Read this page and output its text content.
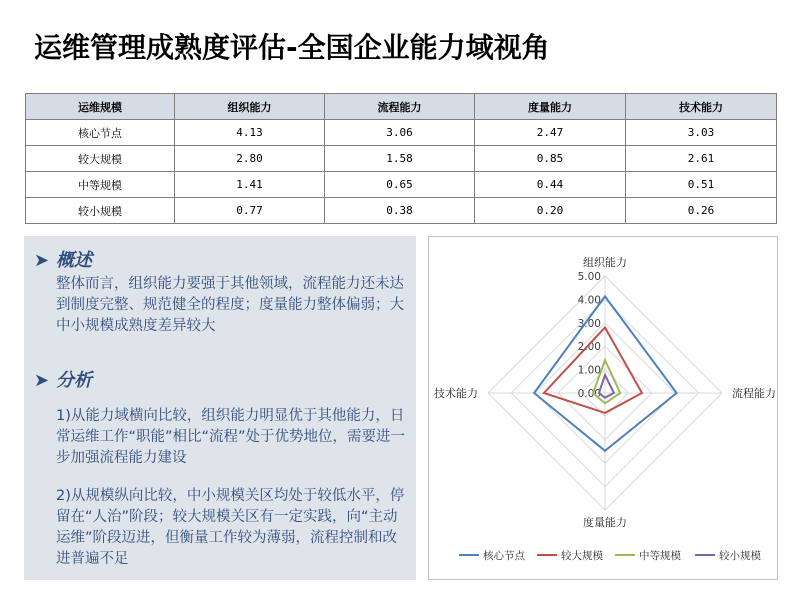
运维管理成熟度评估-全国企业能力域视角
运维规模	组织能力	流程能力	度量能力	技术能力
核心节点	4.13	3.06	2.47	3.03
较大规模	2.80	1.58	0.85	2.61
中等规模	1.41	0.65	0.44	0.51
较小规模	0.77	0.38	0.20	0.26
➤ 概述
整体而言，组织能力要强于其他领域，流程能力还未达到制度完整、规范健全的程度；度量能力整体偏弱；大中小规模成熟度差异较大
➤ 分析
1)从能力域横向比较，组织能力明显优于其他能力，日常运维工作“职能”相比“流程”处于优势地位，需要进一步加强流程能力建设
2)从规模纵向比较，中小规模关区均处于较低水平，停留在“人治”阶段；较大规模关区有一定实践，向“主动运维”阶段迈进，但衡量工作较为薄弱，流程控制和改进普遍不足
0.00
1.00
2.00
3.00
4.00
5.00
组织能力
流程能力
度量能力
技术能力
核心节点	较大规模	中等规模	较小规模
